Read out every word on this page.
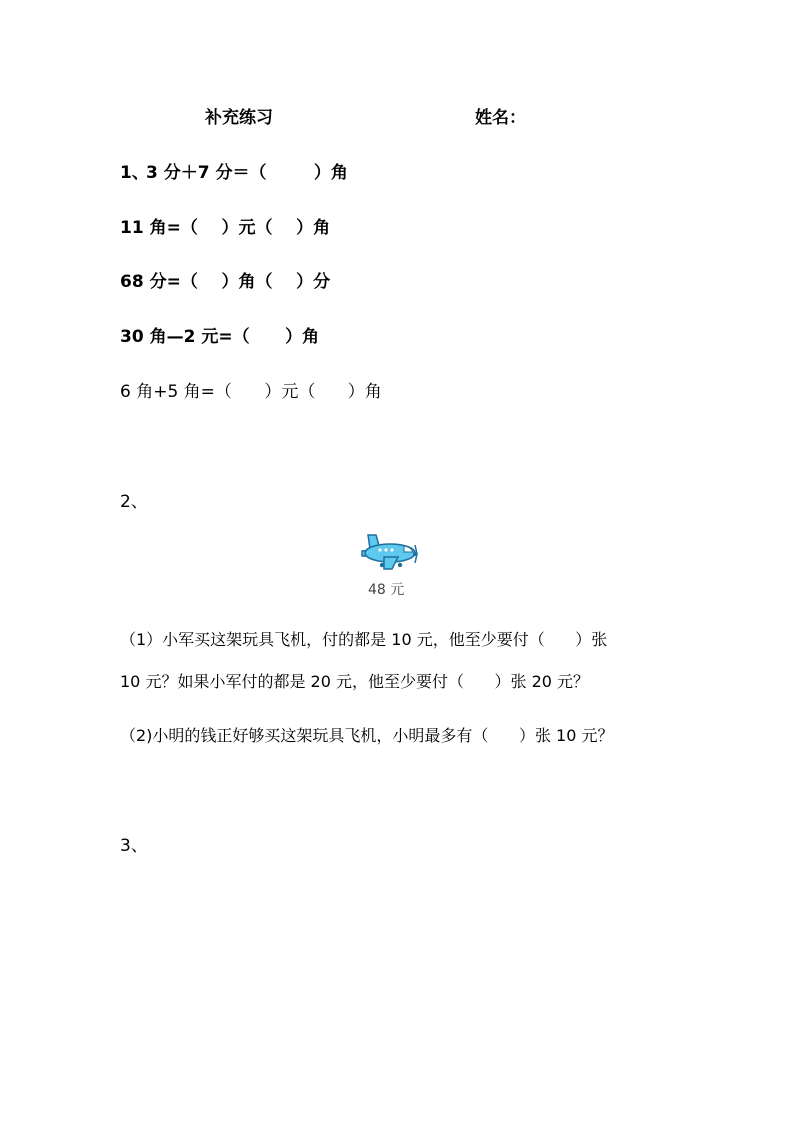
补充练习	姓名：
1、
3 分＋7 分＝（        ）角
11 角=（    ）元（    ）角
68 分=（    ）角（    ）分
30 角—2 元=（      ）角
6 角+5 角=（      ）元（      ）角
2、
48 元
（1）小军买这架玩具飞机，付的都是 10 元，他至少要付（      ）张
10 元？如果小军付的都是 20 元，他至少要付（      ）张 20 元？
（2)小明的钱正好够买这架玩具飞机，小明最多有（      ）张 10 元？
3、
